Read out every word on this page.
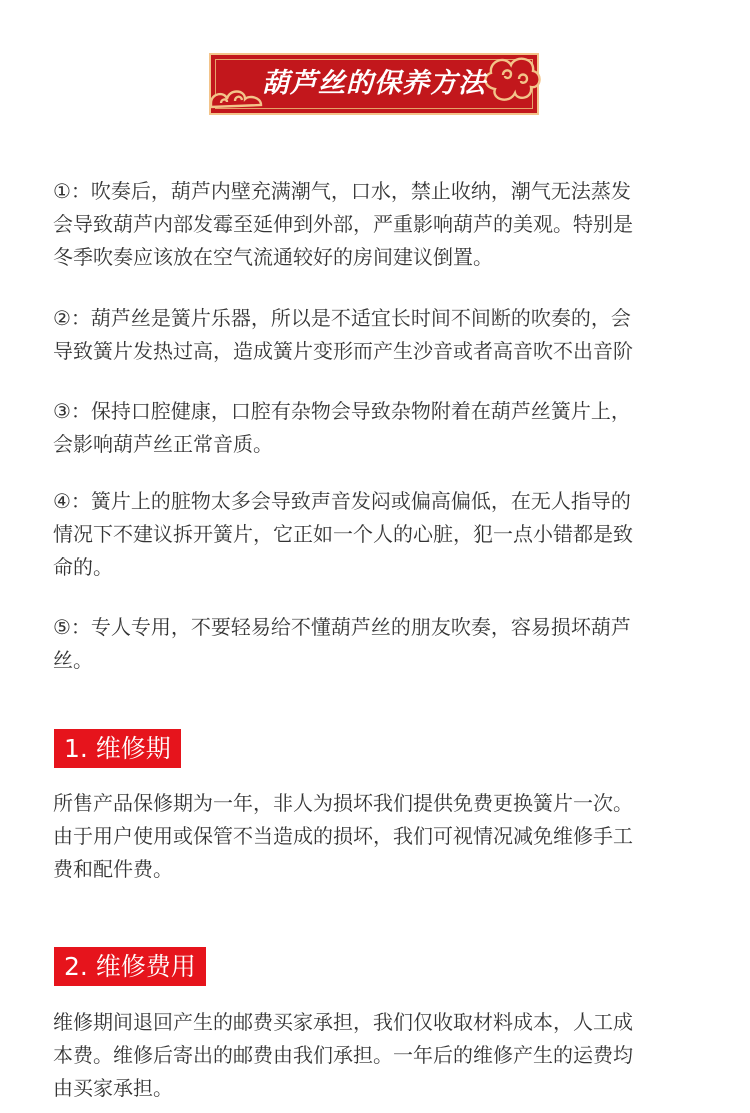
葫芦丝的保养方法
①：吹奏后，葫芦内壁充满潮气，口水，禁止收纳，潮气无法蒸发
会导致葫芦内部发霉至延伸到外部，严重影响葫芦的美观。特别是
冬季吹奏应该放在空气流通较好的房间建议倒置。
②：葫芦丝是簧片乐器，所以是不适宜长时间不间断的吹奏的，会
导致簧片发热过高，造成簧片变形而产生沙音或者高音吹不出音阶
③：保持口腔健康，口腔有杂物会导致杂物附着在葫芦丝簧片上，
会影响葫芦丝正常音质。
④：簧片上的脏物太多会导致声音发闷或偏高偏低，在无人指导的
情况下不建议拆开簧片，它正如一个人的心脏，犯一点小错都是致
命的。
⑤：专人专用，不要轻易给不懂葫芦丝的朋友吹奏，容易损坏葫芦
丝。
1. 维修期
所售产品保修期为一年，非人为损坏我们提供免费更换簧片一次。
由于用户使用或保管不当造成的损坏，我们可视情况减免维修手工
费和配件费。
2. 维修费用
维修期间退回产生的邮费买家承担，我们仅收取材料成本，人工成
本费。维修后寄出的邮费由我们承担。一年后的维修产生的运费均
由买家承担。
